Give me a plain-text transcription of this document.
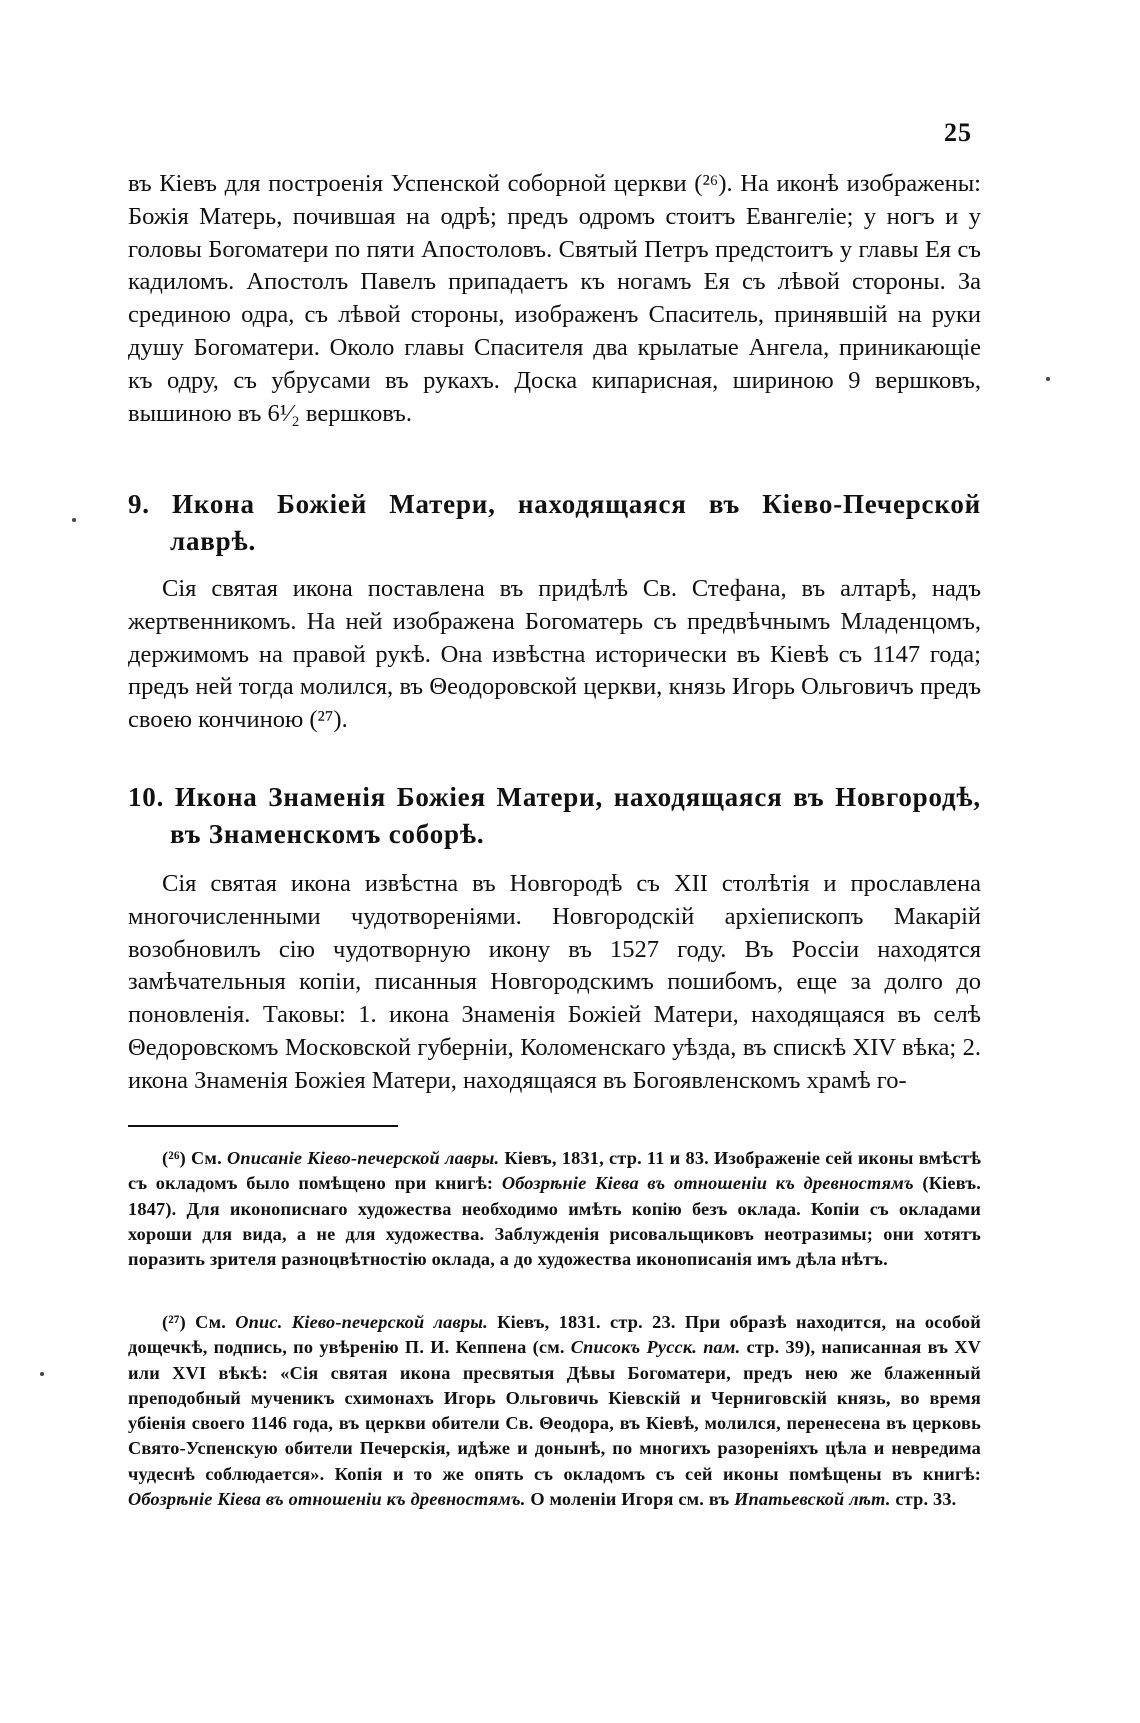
25

въ Кіевъ для построенія Успенской соборной церкви (²⁶). На иконѣ изображены: Божія Матерь, почившая на одрѣ; предъ одромъ стоитъ Евангеліе; у ногъ и у головы Богоматери по пяти Апостоловъ. Святый Петръ предстоитъ у главы Ея съ кадиломъ. Апостолъ Павелъ припадаетъ къ ногамъ Ея съ лѣвой стороны. За срединою одра, съ лѣвой стороны, изображенъ Спаситель, принявшій на руки душу Богоматери. Около главы Спасителя два крылатые Ангела, приникающіе къ одру, съ убрусами въ рукахъ. Доска кипарисная, шириною 9 вершковъ, вышиною въ 6¹⁄₂ вершковъ.

9. Икона Божіей Матери, находящаяся въ Кіево-Печерской лаврѣ.

Сія святая икона поставлена въ придѣлѣ Св. Стефана, въ алтарѣ, надъ жертвенникомъ. На ней изображена Богоматерь съ предвѣчнымъ Младенцомъ, держимомъ на правой рукѣ. Она извѣстна исторически въ Кіевѣ съ 1147 года; предъ ней тогда молился, въ Θеодоровской церкви, князь Игорь Ольговичъ предъ своею кончиною (²⁷).

10. Икона Знаменія Божіея Матери, находящаяся въ Новгородѣ, въ Знаменскомъ соборѣ.

Сія святая икона извѣстна въ Новгородѣ съ XII столѣтія и прославлена многочисленными чудотвореніями. Новгородскій архіепископъ Макарій возобновилъ сію чудотворную икону въ 1527 году. Въ Россіи находятся замѣчательныя копіи, писанныя Новгородскимъ пошибомъ, еще за долго до поновленія. Таковы: 1. икона Знаменія Божіей Матери, находящаяся въ селѣ Θедоровскомъ Московской губерніи, Коломенскаго уѣзда, въ спискѣ XIV вѣка; 2. икона Знаменія Божіея Матери, находящаяся въ Богоявленскомъ храмѣ го-

(²⁶) См. Описаніе Кіево-печерской лавры. Кіевъ, 1831, стр. 11 и 83. Изображеніе сей иконы вмѣстѣ съ окладомъ было помѣщено при книгѣ: Обозрѣніе Кіева въ отношеніи къ древностямъ (Кіевъ. 1847). Для иконописнаго художества необходимо имѣть копію безъ оклада. Копіи съ окладами хороши для вида, а не для художества. Заблужденія рисовальщиковъ неотразимы; они хотятъ поразить зрителя разноцвѣтностію оклада, а до художества иконописанія имъ дѣла нѣтъ.

(²⁷) См. Опис. Кіево-печерской лавры. Кіевъ, 1831. стр. 23. При образѣ находится, на особой дощечкѣ, подпись, по увѣренію П. И. Кеппена (см. Списокъ Русск. пам. стр. 39), написанная въ XV или XVI вѣкѣ: «Сія святая икона пресвятыя Дѣвы Богоматери, предъ нею же блаженный преподобный мученикъ схимонахъ Игорь Ольговичь Кіевскій и Черниговскій князь, во время убіенія своего 1146 года, въ церкви обители Св. Θеодора, въ Кіевѣ, молился, перенесена въ церковь Свято-Успенскую обители Печерскія, идѣже и донынѣ, по многихъ разореніяхъ цѣла и невредима чудеснѣ соблюдается». Копія и то же опять съ окладомъ съ сей иконы помѣщены въ книгѣ: Обозрѣніе Кіева въ отношеніи къ древностямъ. О моленіи Игоря см. въ Ипатьевской лѣт. стр. 33.
